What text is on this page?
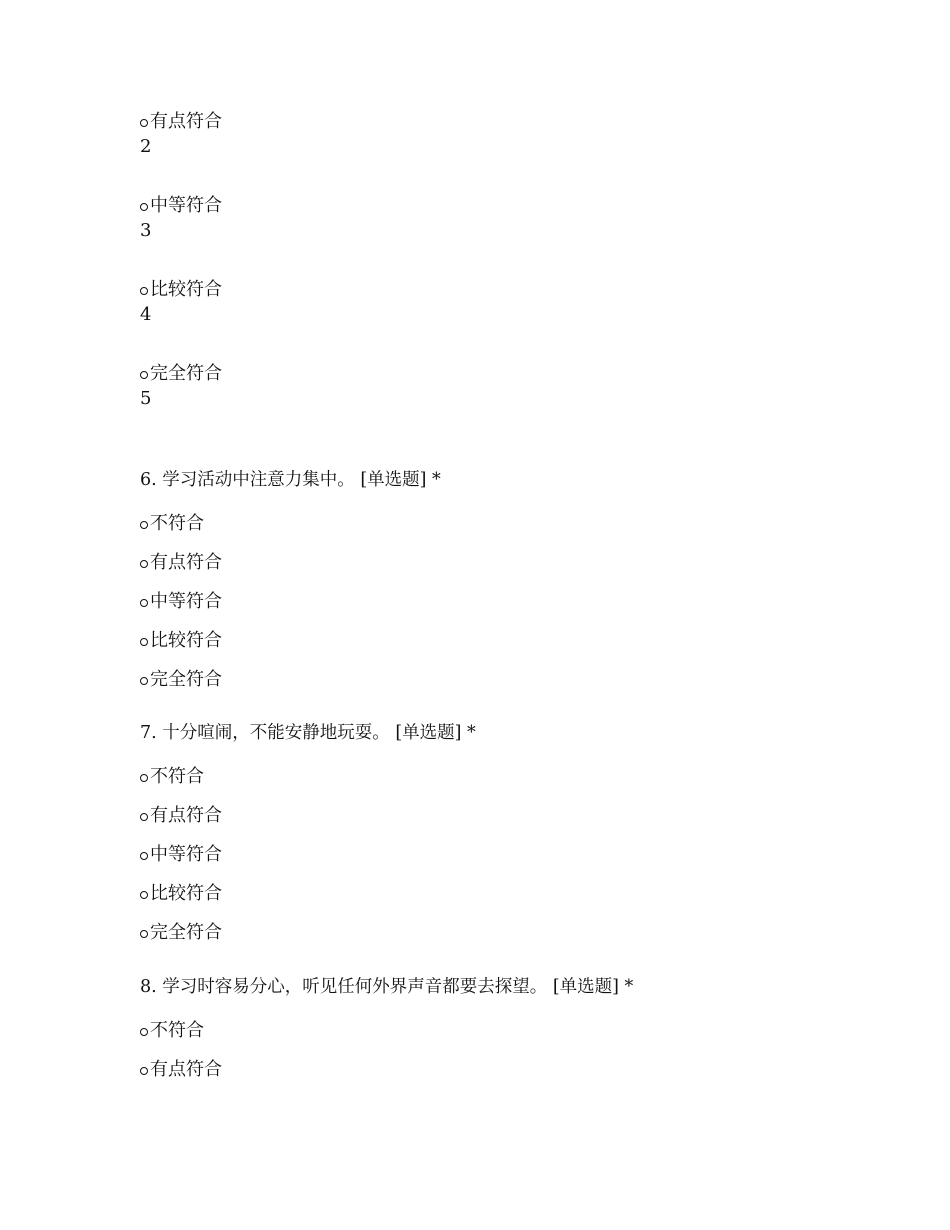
有点符合
2
中等符合
3
比较符合
4
完全符合
5
6. 学习活动中注意力集中。 [单选题] *
不符合
有点符合
中等符合
比较符合
完全符合
7. 十分喧闹，不能安静地玩耍。 [单选题] *
不符合
有点符合
中等符合
比较符合
完全符合
8. 学习时容易分心，听见任何外界声音都要去探望。 [单选题] *
不符合
有点符合
